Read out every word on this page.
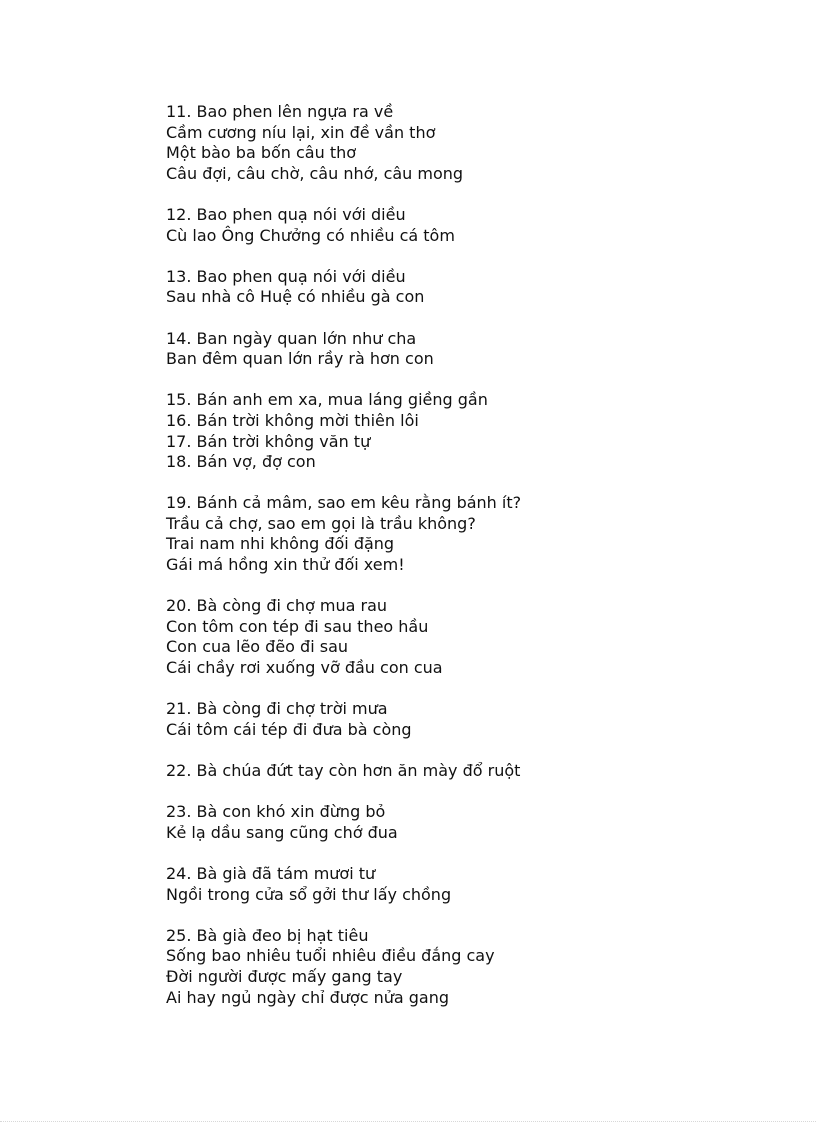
11. Bao phen lên ngựa ra về
Cầm cương níu lại, xin đề vần thơ
Một bào ba bốn câu thơ
Câu đợi, câu chờ, câu nhớ, câu mong
12. Bao phen quạ nói với diều
Cù lao Ông Chưởng có nhiều cá tôm
13. Bao phen quạ nói với diều
Sau nhà cô Huệ có nhiều gà con
14. Ban ngày quan lớn như cha
Ban đêm quan lớn rầy rà hơn con
15. Bán anh em xa, mua láng giềng gần
16. Bán trời không mời thiên lôi
17. Bán trời không văn tự
18. Bán vợ, đợ con
19. Bánh cả mâm, sao em kêu rằng bánh ít?
Trầu cả chợ, sao em gọi là trầu không?
Trai nam nhi không đối đặng
Gái má hồng xin thử đối xem!
20. Bà còng đi chợ mua rau
Con tôm con tép đi sau theo hầu
Con cua lẽo đẽo đi sau
Cái chầy rơi xuống vỡ đầu con cua
21. Bà còng đi chợ trời mưa
Cái tôm cái tép đi đưa bà còng
22. Bà chúa đứt tay còn hơn ăn mày đổ ruột
23. Bà con khó xin đừng bỏ
Kẻ lạ dầu sang cũng chớ đua
24. Bà già đã tám mươi tư
Ngồi trong cửa sổ gởi thư lấy chồng
25. Bà già đeo bị hạt tiêu
Sống bao nhiêu tuổi nhiêu điều đắng cay
Đời người được mấy gang tay
Ai hay ngủ ngày chỉ được nửa gang
